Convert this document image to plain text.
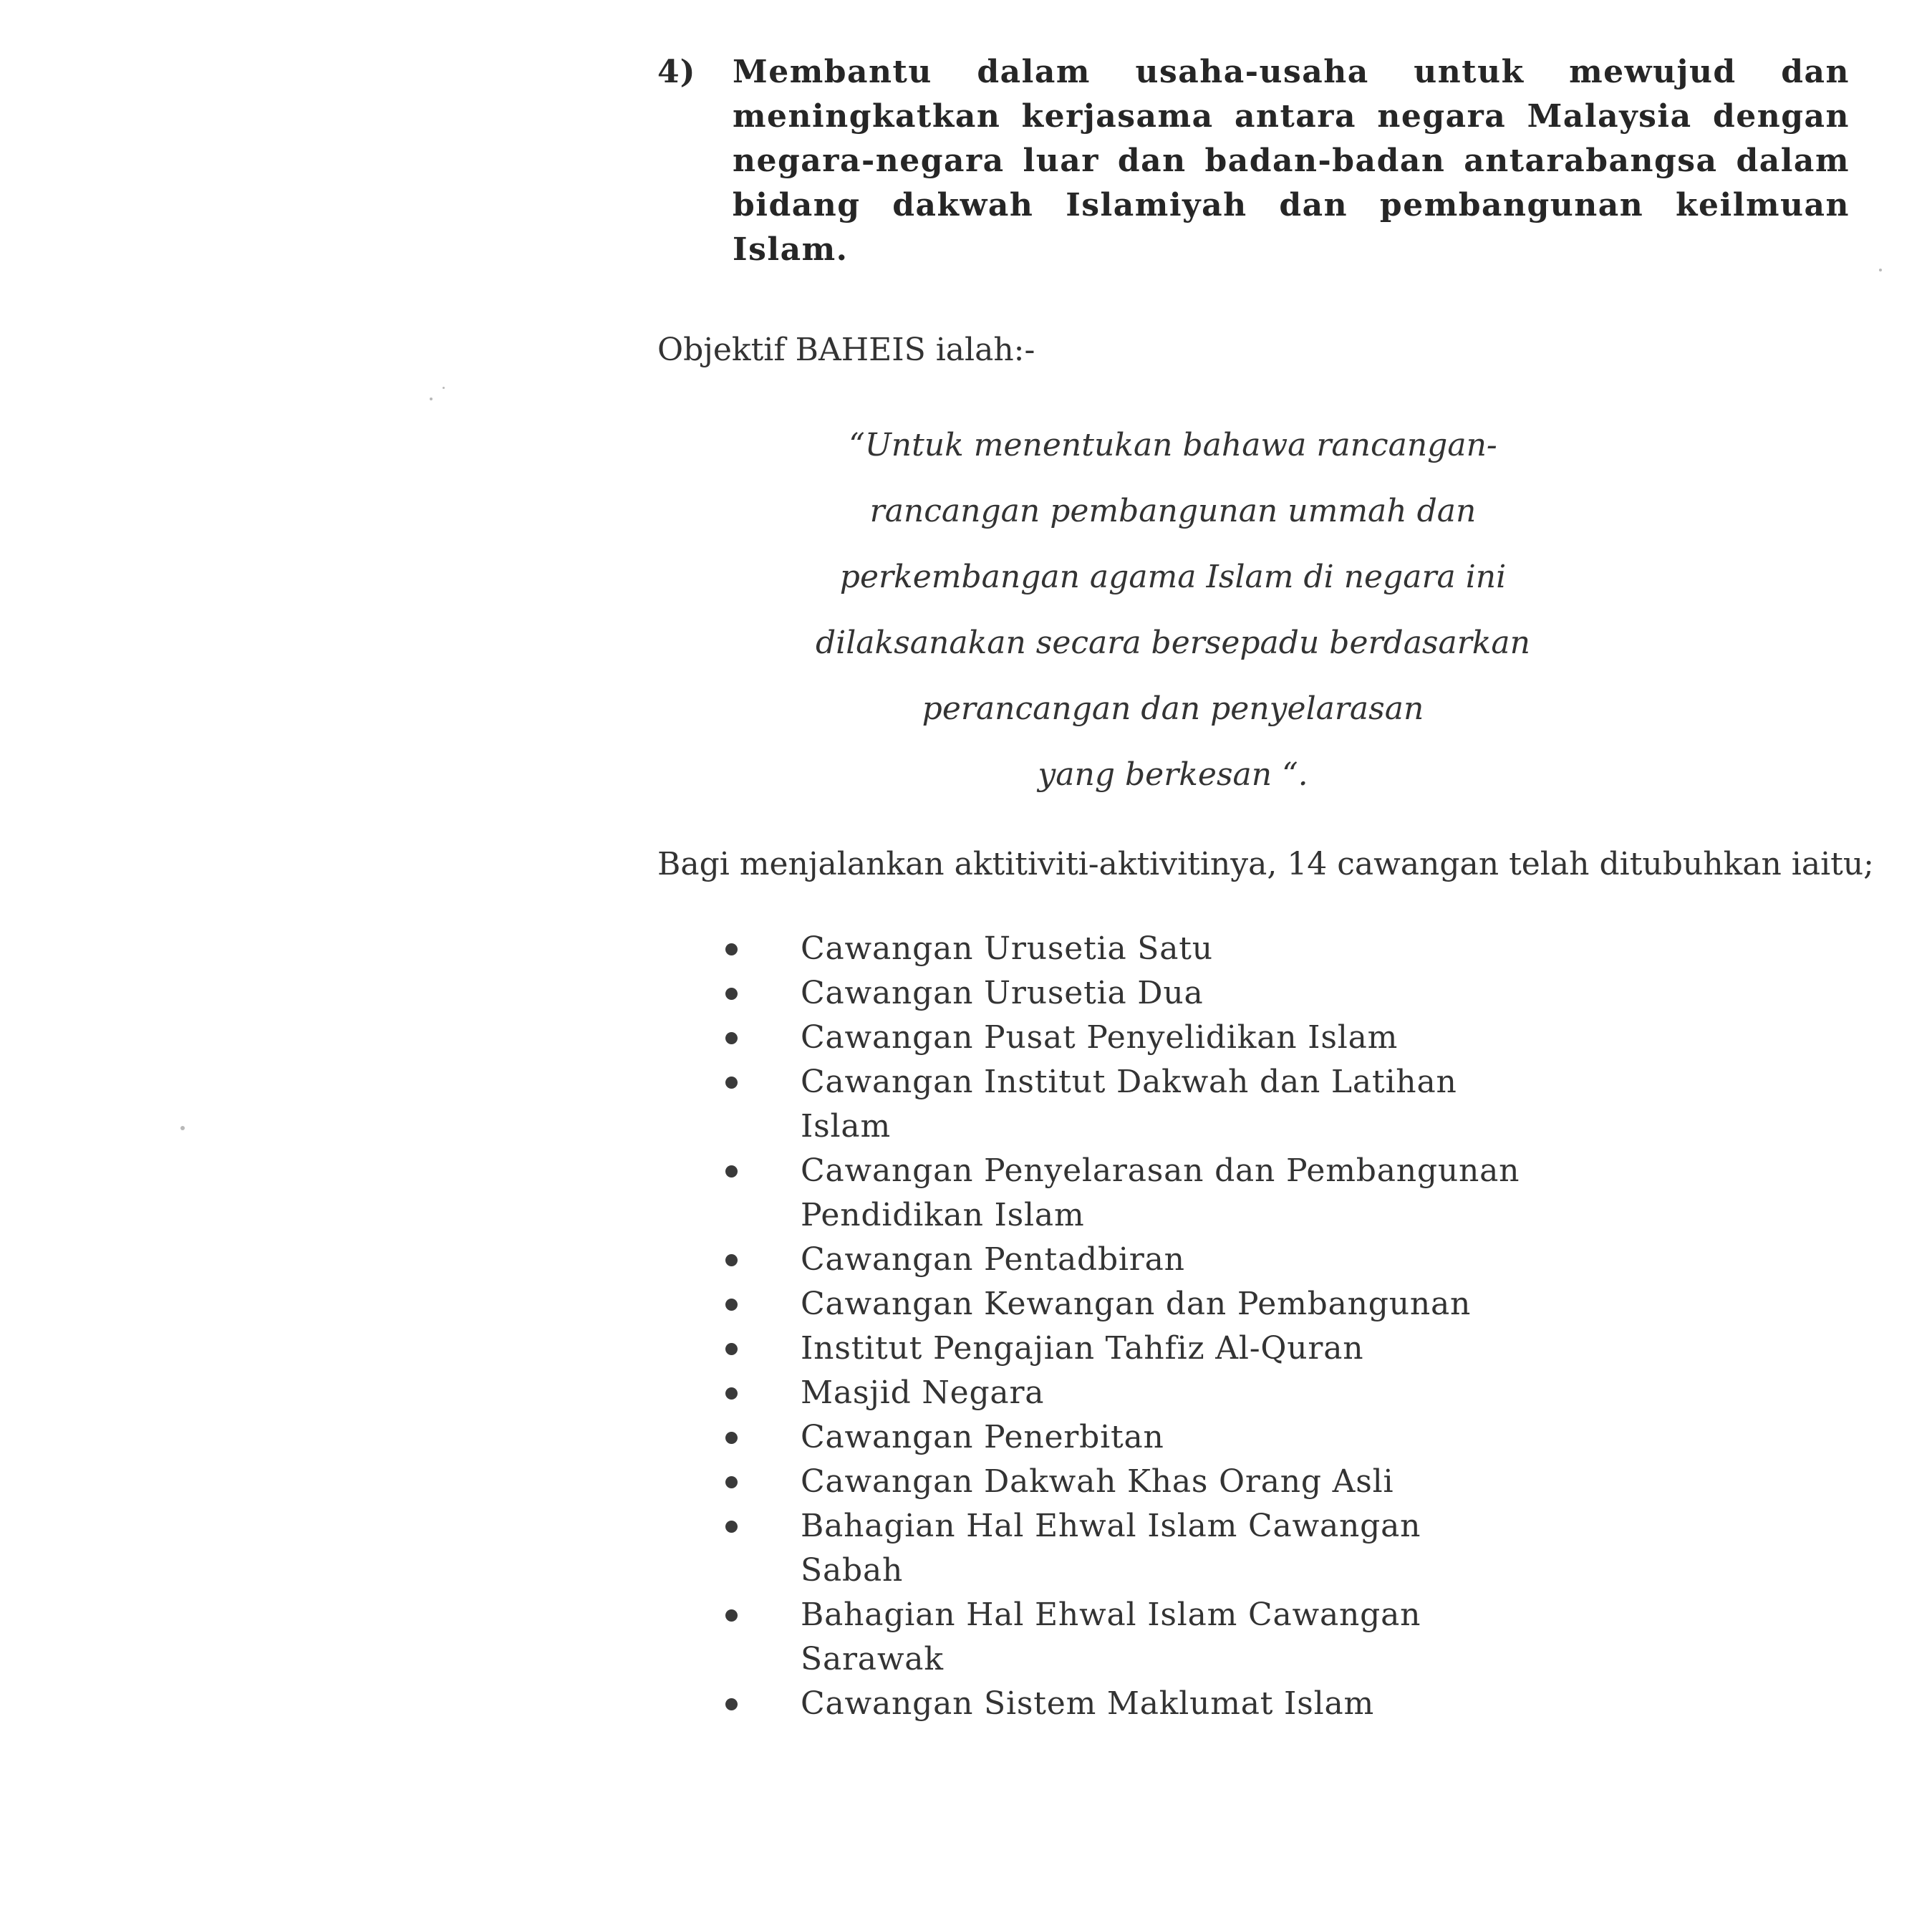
4)	Membantu dalam usaha-usaha untuk mewujud dan meningkatkan kerjasama antara negara Malaysia dengan negara-negara luar dan badan-badan antarabangsa dalam bidang dakwah Islamiyah dan pembangunan keilmuan Islam.
Objektif BAHEIS ialah:-
“Untuk menentukan bahawa rancangan-
rancangan pembangunan ummah dan
perkembangan agama Islam di negara ini
dilaksanakan secara bersepadu berdasarkan
perancangan dan penyelarasan
yang berkesan “.
Bagi menjalankan aktitiviti-aktivitinya, 14 cawangan telah ditubuhkan iaitu;
Cawangan Urusetia Satu
Cawangan Urusetia Dua
Cawangan Pusat Penyelidikan Islam
Cawangan Institut Dakwah dan Latihan Islam
Cawangan Penyelarasan dan Pembangunan Pendidikan Islam
Cawangan Pentadbiran
Cawangan Kewangan dan Pembangunan
Institut Pengajian Tahfiz Al-Quran
Masjid Negara
Cawangan Penerbitan
Cawangan Dakwah Khas Orang Asli
Bahagian Hal Ehwal Islam Cawangan Sabah
Bahagian Hal Ehwal Islam Cawangan Sarawak
Cawangan Sistem Maklumat Islam
